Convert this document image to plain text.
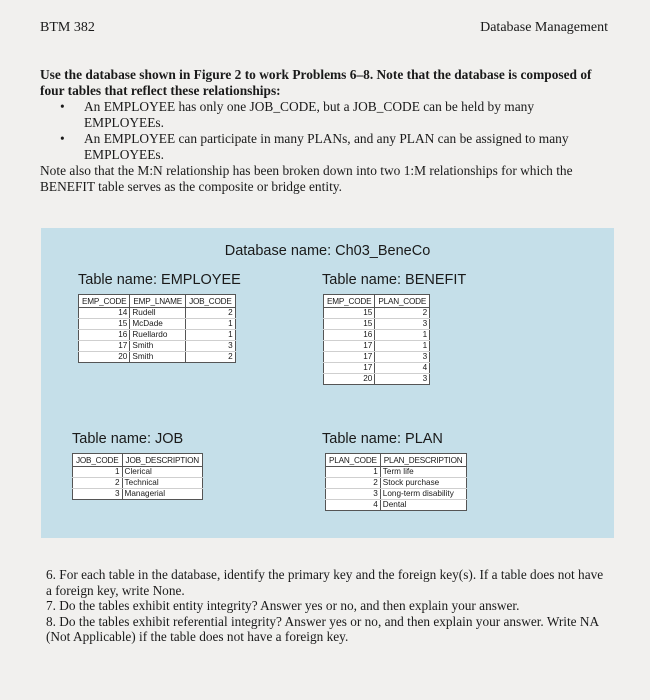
BTM 382	Database Management

Use the database shown in Figure 2 to work Problems 6–8. Note that the database is composed of four tables that reflect these relationships:

• An EMPLOYEE has only one JOB_CODE, but a JOB_CODE can be held by many EMPLOYEEs.
• An EMPLOYEE can participate in many PLANs, and any PLAN can be assigned to many EMPLOYEEs.

Note also that the M:N relationship has been broken down into two 1:M relationships for which the BENEFIT table serves as the composite or bridge entity.

Database name: Ch03_BeneCo
Table name: EMPLOYEE
EMP_CODE	EMP_LNAME	JOB_CODE
14	Rudell	2
15	McDade	1
16	Ruellardo	1
17	Smith	3
20	Smith	2
Table name: BENEFIT
EMP_CODE	PLAN_CODE
15	2
15	3
16	1
17	1
17	3
17	4
20	3
Table name: JOB
JOB_CODE	JOB_DESCRIPTION
1	Clerical
2	Technical
3	Managerial
Table name: PLAN
PLAN_CODE	PLAN_DESCRIPTION
1	Term life
2	Stock purchase
3	Long-term disability
4	Dental

6. For each table in the database, identify the primary key and the foreign key(s). If a table does not have a foreign key, write None.

7. Do the tables exhibit entity integrity? Answer yes or no, and then explain your answer.

8. Do the tables exhibit referential integrity? Answer yes or no, and then explain your answer. Write NA (Not Applicable) if the table does not have a foreign key.
